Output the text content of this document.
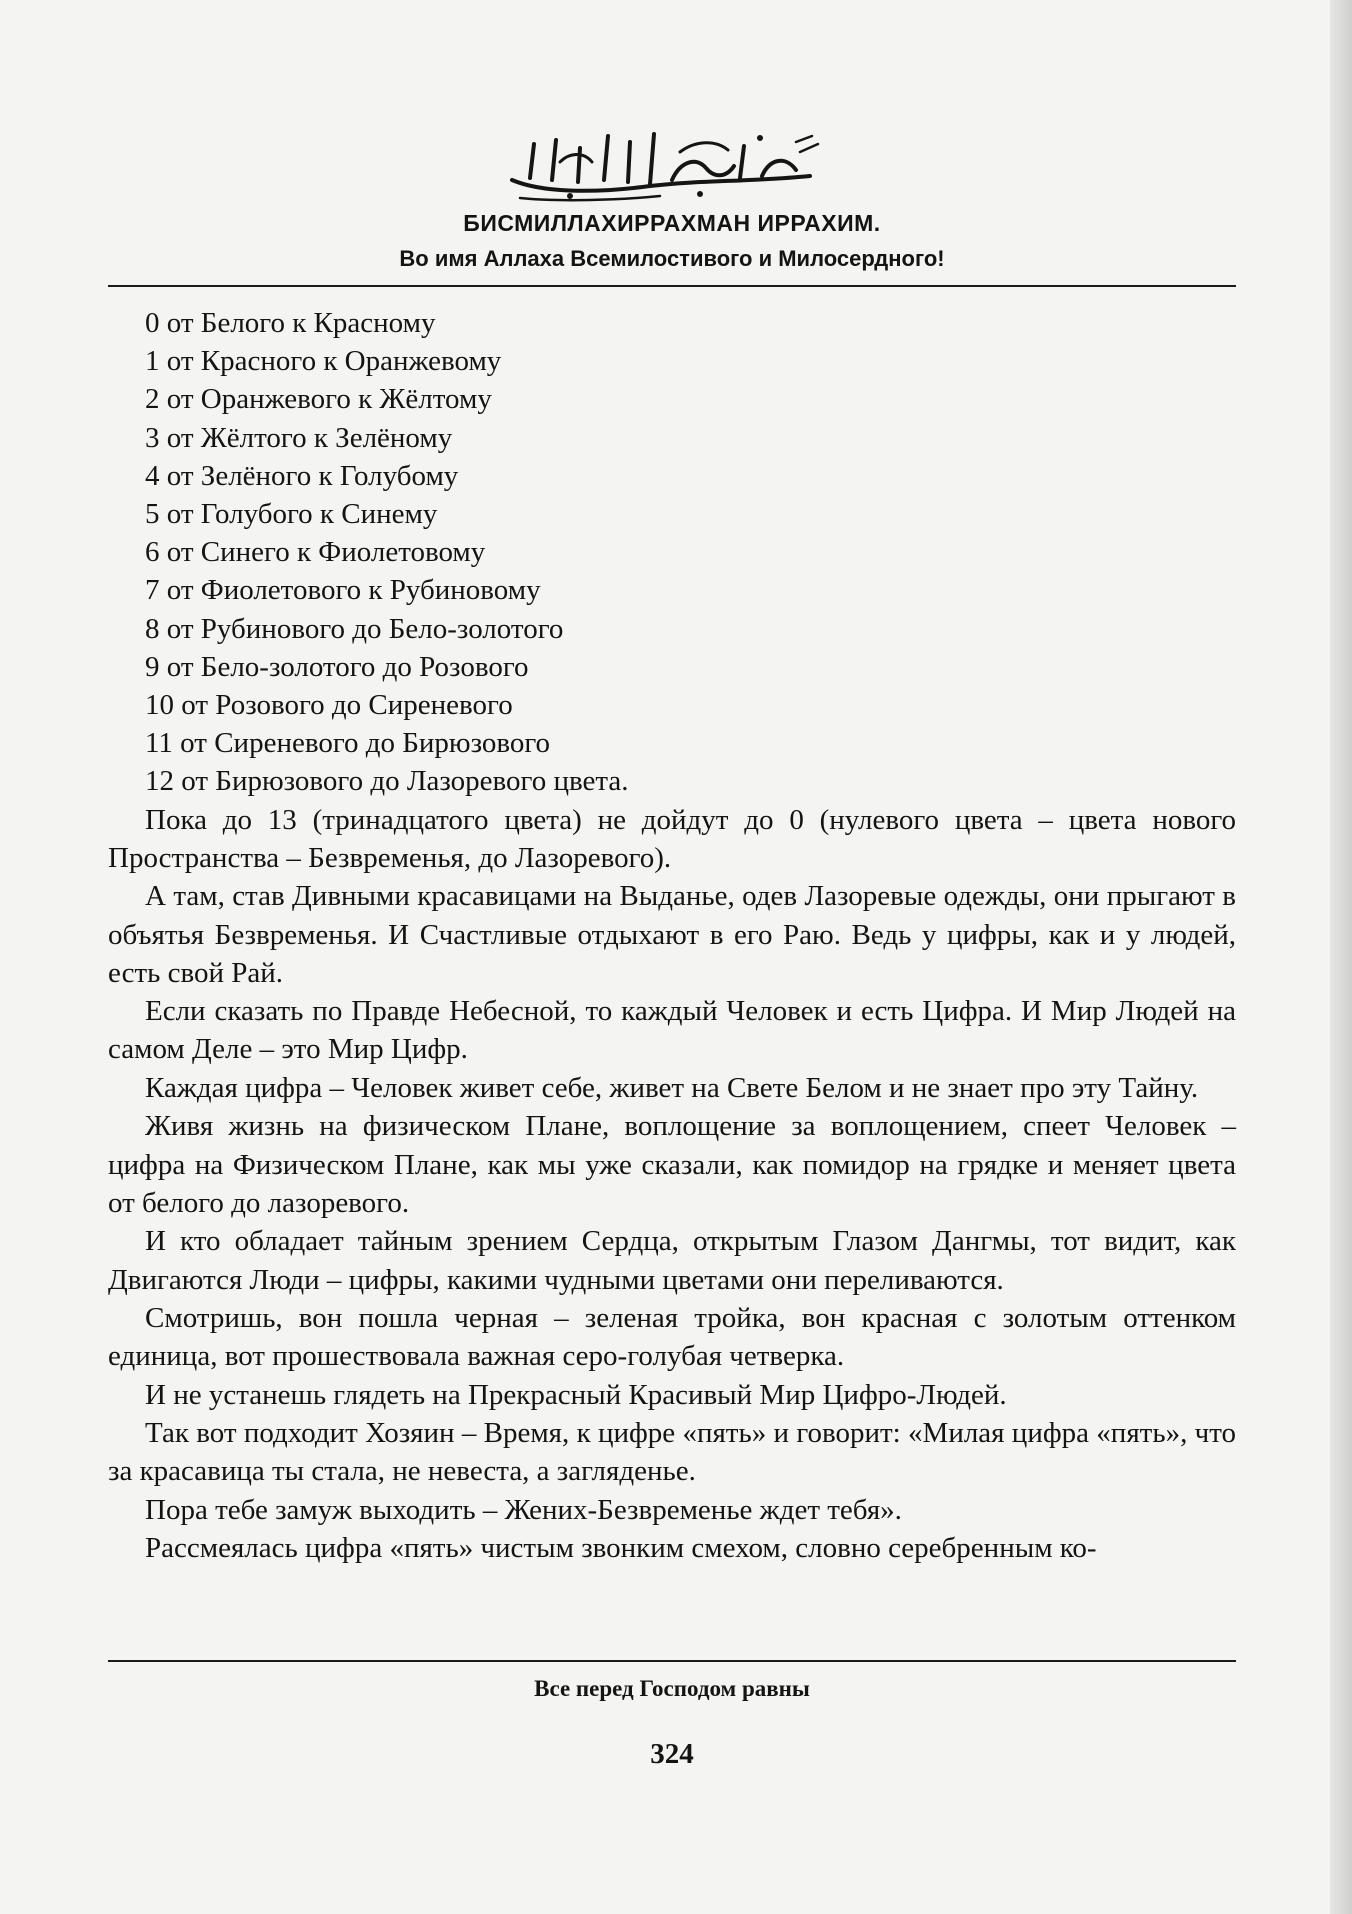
БИСМИЛЛАХИРРАХМАН ИРРАХИМ.
Во имя Аллаха Всемилостивого и Милосердного!
0 от Белого к Красному
1 от Красного к Оранжевому
2 от Оранжевого к Жёлтому
3 от Жёлтого к Зелёному
4 от Зелёного к Голубому
5 от Голубого к Синему
6 от Синего к Фиолетовому
7 от Фиолетового к Рубиновому
8 от Рубинового до Бело-золотого
9 от Бело-золотого до Розового
10 от Розового до Сиреневого
11 от Сиреневого до Бирюзового
12 от Бирюзового до Лазоревого цвета.

Пока до 13 (тринадцатого цвета) не дойдут до 0 (нулевого цвета – цвета нового Пространства – Безвременья, до Лазоревого).

А там, став Дивными красавицами на Выданье, одев Лазоревые одежды, они прыгают в объятья Безвременья. И Счастливые отдыхают в его Раю. Ведь у цифры, как и у людей, есть свой Рай.

Если сказать по Правде Небесной, то каждый Человек и есть Цифра. И Мир Людей на самом Деле – это Мир Цифр.

Каждая цифра – Человек живет себе, живет на Свете Белом и не знает про эту Тайну.

Живя жизнь на физическом Плане, воплощение за воплощением, спеет Человек – цифра на Физическом Плане, как мы уже сказали, как помидор на грядке и меняет цвета от белого до лазоревого.

И кто обладает тайным зрением Сердца, открытым Глазом Дангмы, тот видит, как Двигаются Люди – цифры, какими чудными цветами они переливаются.

Смотришь, вон пошла черная – зеленая тройка, вон красная с золотым оттенком единица, вот прошествовала важная серо-голубая четверка.

И не устанешь глядеть на Прекрасный Красивый Мир Цифро-Людей.

Так вот подходит Хозяин – Время, к цифре «пять» и говорит: «Милая цифра «пять», что за красавица ты стала, не невеста, а загляденье.

Пора тебе замуж выходить – Жених-Безвременье ждет тебя».

Рассмеялась цифра «пять» чистым звонким смехом, словно серебренным ко-

Все перед Господом равны
324
